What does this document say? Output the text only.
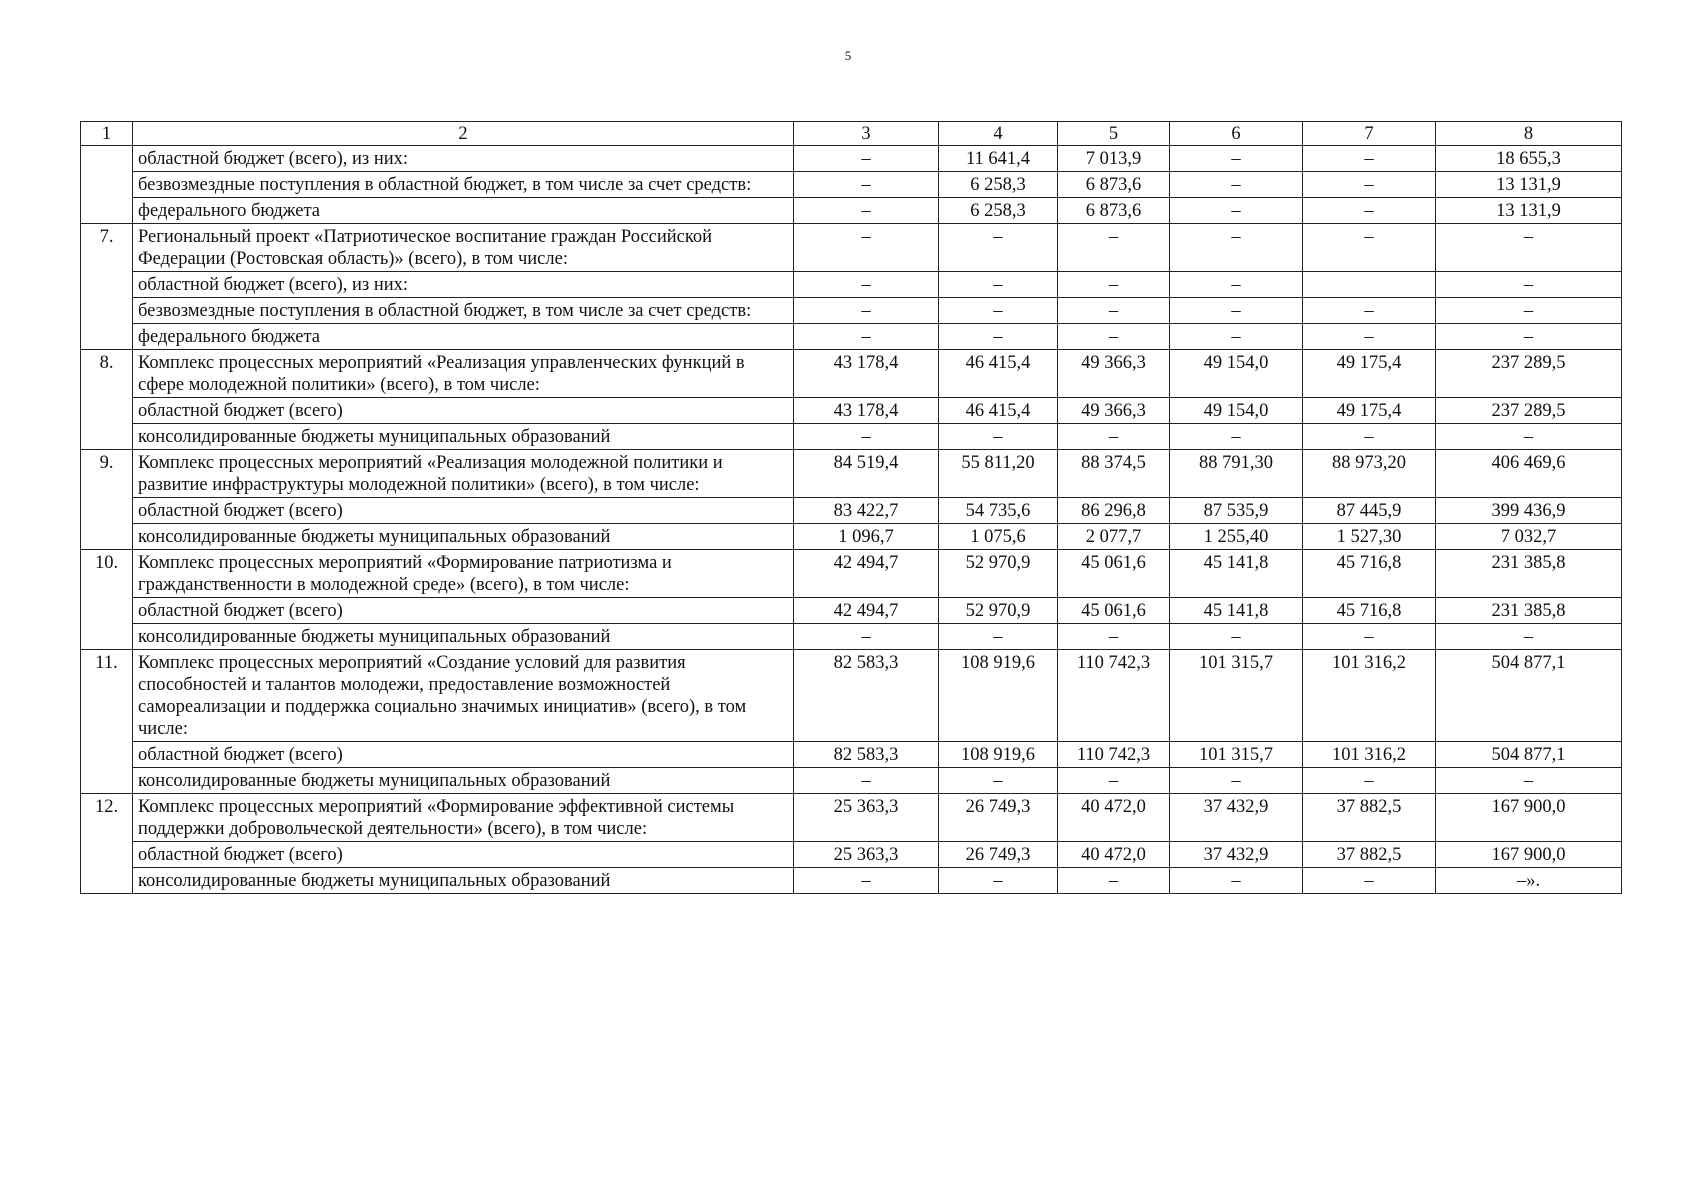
5
1	2	3	4	5	6	7	8
	областной бюджет (всего), из них:	–	11 641,4	7 013,9	–	–	18 655,3
	безвозмездные поступления в областной бюджет, в том числе за счет средств:	–	6 258,3	6 873,6	–	–	13 131,9
	федерального бюджета	–	6 258,3	6 873,6	–	–	13 131,9
7.	Региональный проект «Патриотическое воспитание граждан Российской Федерации (Ростовская область)» (всего), в том числе:	–	–	–	–	–	–
	областной бюджет (всего), из них:	–	–	–	–		–
	безвозмездные поступления в областной бюджет, в том числе за счет средств:	–	–	–	–	–	–
	федерального бюджета	–	–	–	–	–	–
8.	Комплекс процессных мероприятий «Реализация управленческих функций в сфере молодежной политики» (всего), в том числе:	43 178,4	46 415,4	49 366,3	49 154,0	49 175,4	237 289,5
	областной бюджет (всего)	43 178,4	46 415,4	49 366,3	49 154,0	49 175,4	237 289,5
	консолидированные бюджеты муниципальных образований	–	–	–	–	–	–
9.	Комплекс процессных мероприятий «Реализация молодежной политики и развитие инфраструктуры молодежной политики» (всего), в том числе:	84 519,4	55 811,20	88 374,5	88 791,30	88 973,20	406 469,6
	областной бюджет (всего)	83 422,7	54 735,6	86 296,8	87 535,9	87 445,9	399 436,9
	консолидированные бюджеты муниципальных образований	1 096,7	1 075,6	2 077,7	1 255,40	1 527,30	7 032,7
10.	Комплекс процессных мероприятий «Формирование патриотизма и гражданственности в молодежной среде» (всего), в том числе:	42 494,7	52 970,9	45 061,6	45 141,8	45 716,8	231 385,8
	областной бюджет (всего)	42 494,7	52 970,9	45 061,6	45 141,8	45 716,8	231 385,8
	консолидированные бюджеты муниципальных образований	–	–	–	–	–	–
11.	Комплекс процессных мероприятий «Создание условий для развития способностей и талантов молодежи, предоставление возможностей самореализации и поддержка социально значимых инициатив» (всего), в том числе:	82 583,3	108 919,6	110 742,3	101 315,7	101 316,2	504 877,1
	областной бюджет (всего)	82 583,3	108 919,6	110 742,3	101 315,7	101 316,2	504 877,1
	консолидированные бюджеты муниципальных образований	–	–	–	–	–	–
12.	Комплекс процессных мероприятий «Формирование эффективной системы поддержки добровольческой деятельности» (всего), в том числе:	25 363,3	26 749,3	40 472,0	37 432,9	37 882,5	167 900,0
	областной бюджет (всего)	25 363,3	26 749,3	40 472,0	37 432,9	37 882,5	167 900,0
	консолидированные бюджеты муниципальных образований	–	–	–	–	–	–».
